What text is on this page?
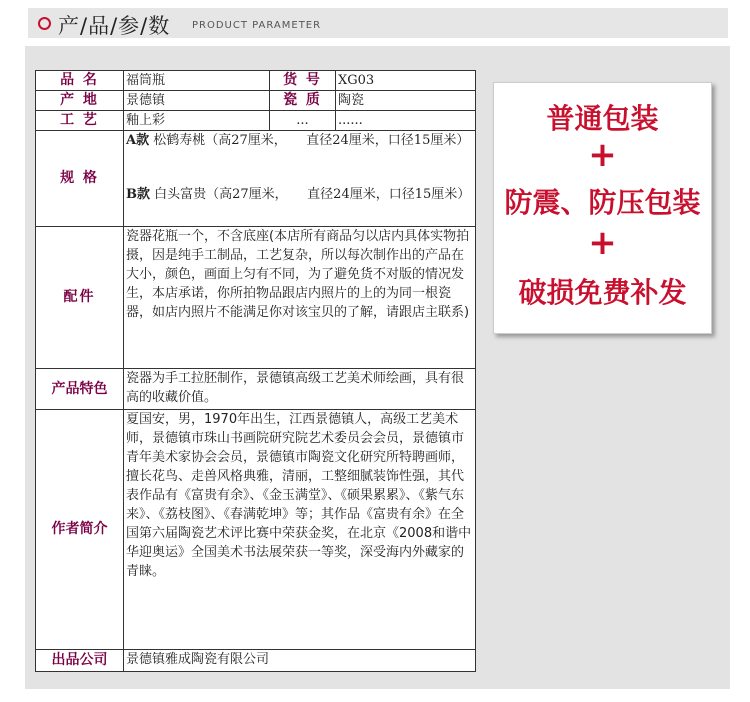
产/品/参/数 PRODUCT PARAMETER
品 名	福筒瓶	货 号	XG03
产 地	景德镇	瓷 质	陶瓷
工 艺	釉上彩	...	......
规 格	A款 松鹤寿桃（高27厘米，　　直径24厘米，口径15厘米）
B款 白头富贵（高27厘米，　　直径24厘米，口径15厘米）		

配件	瓷器花瓶一个，不含底座(本店所有商品匀以店内具体实物拍摄，因是纯手工制品，工艺复杂，所以每次制作出的产品在大小，颜色，画面上匀有不同，为了避免货不对版的情况发生，本店承诺，你所拍物品跟店内照片的上的为同一根瓷器，如店内照片不能满足你对该宝贝的了解，请跟店主联系)		
产品特色	瓷器为手工拉胚制作，景德镇高级工艺美术师绘画，具有很高的收藏价值。		
作者简介	夏国安，男，1970年出生，江西景德镇人，高级工艺美术师，景德镇市珠山书画院研究院艺术委员会会员，景德镇市青年美术家协会会员，景德镇市陶瓷文化研究所特聘画师，擅长花鸟、走兽风格典雅，清丽，工整细腻装饰性强，其代表作品有《富贵有余》、《金玉满堂》、《硕果累累》、《紫气东来》、《荔枝图》、《春满乾坤》等；其作品《富贵有余》在全国第六届陶瓷艺术评比赛中荣获金奖，在北京《2008和谐中华迎奥运》全国美术书法展荣获一等奖，深受海内外藏家的青睐。		
出品公司	景德镇雅成陶瓷有限公司		
普通包装
+
防震、防压包装
+
破损免费补发
